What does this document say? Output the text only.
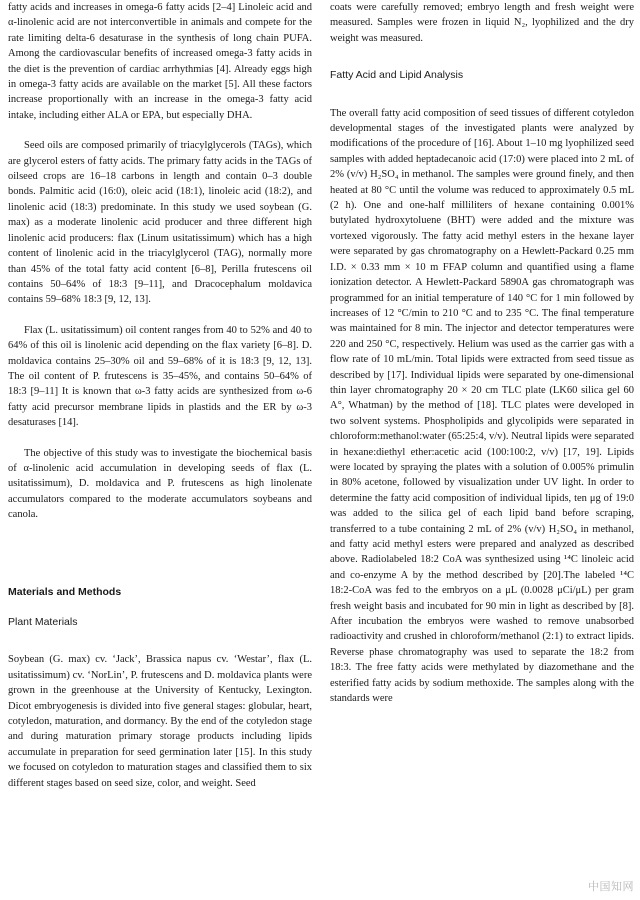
fatty acids and increases in omega-6 fatty acids [2–4] Linoleic acid and α-linolenic acid are not interconvertible in animals and compete for the rate limiting delta-6 desaturase in the synthesis of long chain PUFA. Among the cardiovascular benefits of increased omega-3 fatty acids in the diet is the prevention of cardiac arrhythmias [4]. Already eggs high in omega-3 fatty acids are available on the market [5]. All these factors increase proportionally with an increase in the omega-3 fatty acid intake, including either ALA or EPA, but especially DHA.

Seed oils are composed primarily of triacylglycerols (TAGs), which are glycerol esters of fatty acids. The primary fatty acids in the TAGs of oilseed crops are 16–18 carbons in length and contain 0–3 double bonds. Palmitic acid (16:0), oleic acid (18:1), linoleic acid (18:2), and linolenic acid (18:3) predominate. In this study we used soybean (G. max) as a moderate linolenic acid producer and three different high linolenic acid producers: flax (Linum usitatissimum) which has a high content of linolenic acid in the triacylglycerol (TAG), normally more than 45% of the total fatty acid content [6–8], Perilla frutescens oil contains 50–64% of 18:3 [9–11], and Dracocephalum moldavica contains 59–68% 18:3 [9, 12, 13].

Flax (L. usitatissimum) oil content ranges from 40 to 52% and 40 to 64% of this oil is linolenic acid depending on the flax variety [6–8]. D. moldavica contains 25–30% oil and 59–68% of it is 18:3 [9, 12, 13]. The oil content of P. frutescens is 35–45%, and contains 50–64% of 18:3 [9–11] It is known that ω-3 fatty acids are synthesized from ω-6 fatty acid precursor membrane lipids in plastids and the ER by ω-3 desaturases [14].

The objective of this study was to investigate the biochemical basis of α-linolenic acid accumulation in developing seeds of flax (L. usitatissimum), D. moldavica and P. frutescens as high linolenate accumulators compared to the moderate accumulators soybeans and canola.

Materials and Methods

Plant Materials

Soybean (G. max) cv. ‘Jack’, Brassica napus cv. ‘Westar’, flax (L. usitatissimum) cv. ‘NorLin’, P. frutescens and D. moldavica plants were grown in the greenhouse at the University of Kentucky, Lexington. Dicot embryogenesis is divided into five general stages: globular, heart, cotyledon, maturation, and dormancy. By the end of the cotyledon stage and during maturation primary storage products including lipids accumulate in preparation for seed germination later [15]. In this study we focused on cotyledon to maturation stages and classified them to six different stages based on seed size, color, and weight. Seed

coats were carefully removed; embryo length and fresh weight were measured. Samples were frozen in liquid N₂, lyophilized and the dry weight was measured.

Fatty Acid and Lipid Analysis

The overall fatty acid composition of seed tissues of different cotyledon developmental stages of the investigated plants were analyzed by modifications of the procedure of [16]. About 1–10 mg lyophilized seed samples with added heptadecanoic acid (17:0) were placed into 2 mL of 2% (v/v) H₂SO₄ in methanol. The samples were ground finely, and then heated at 80 °C until the volume was reduced to approximately 0.5 mL (2 h). One and one-half milliliters of hexane containing 0.001% butylated hydroxytoluene (BHT) were added and the mixture was vortexed vigorously. The fatty acid methyl esters in the hexane layer were separated by gas chromatography on a Hewlett-Packard 0.25 mm I.D. × 0.33 mm × 10 m FFAP column and quantified using a flame ionization detector. A Hewlett-Packard 5890A gas chromatograph was programmed for an initial temperature of 140 °C for 1 min followed by increases of 12 °C/min to 210 °C and to 235 °C. The final temperature was maintained for 8 min. The injector and detector temperatures were 220 and 250 °C, respectively. Helium was used as the carrier gas with a flow rate of 10 mL/min. Total lipids were extracted from seed tissue as described by [17]. Individual lipids were separated by one-dimensional thin layer chromatography 20 × 20 cm TLC plate (LK60 silica gel 60 A°, Whatman) by the method of [18]. TLC plates were developed in two solvent systems. Phospholipids and glycolipids were separated in chloroform:methanol:water (65:25:4, v/v). Neutral lipids were separated in hexane:diethyl ether:acetic acid (100:100:2, v/v) [17, 19]. Lipids were located by spraying the plates with a solution of 0.005% primulin in 80% acetone, followed by visualization under UV light. In order to determine the fatty acid composition of individual lipids, ten μg of 19:0 was added to the silica gel of each lipid band before scraping, transferred to a tube containing 2 mL of 2% (v/v) H₂SO₄ in methanol, and fatty acid methyl esters were prepared and analyzed as described above. Radiolabeled 18:2 CoA was synthesized using ¹⁴C linoleic acid and co-enzyme A by the method described by [20].The labeled ¹⁴C 18:2-CoA was fed to the embryos on a μL (0.0028 μCi/μL) per gram fresh weight basis and incubated for 90 min in light as described by [8]. After incubation the embryos were washed to remove unabsorbed radioactivity and crushed in chloroform/methanol (2:1) to extract lipids. Reverse phase chromatography was used to separate the 18:2 from 18:3. The free fatty acids were methylated by diazomethane and the esterified fatty acids by sodium methoxide. The samples along with the standards were

中国知网
